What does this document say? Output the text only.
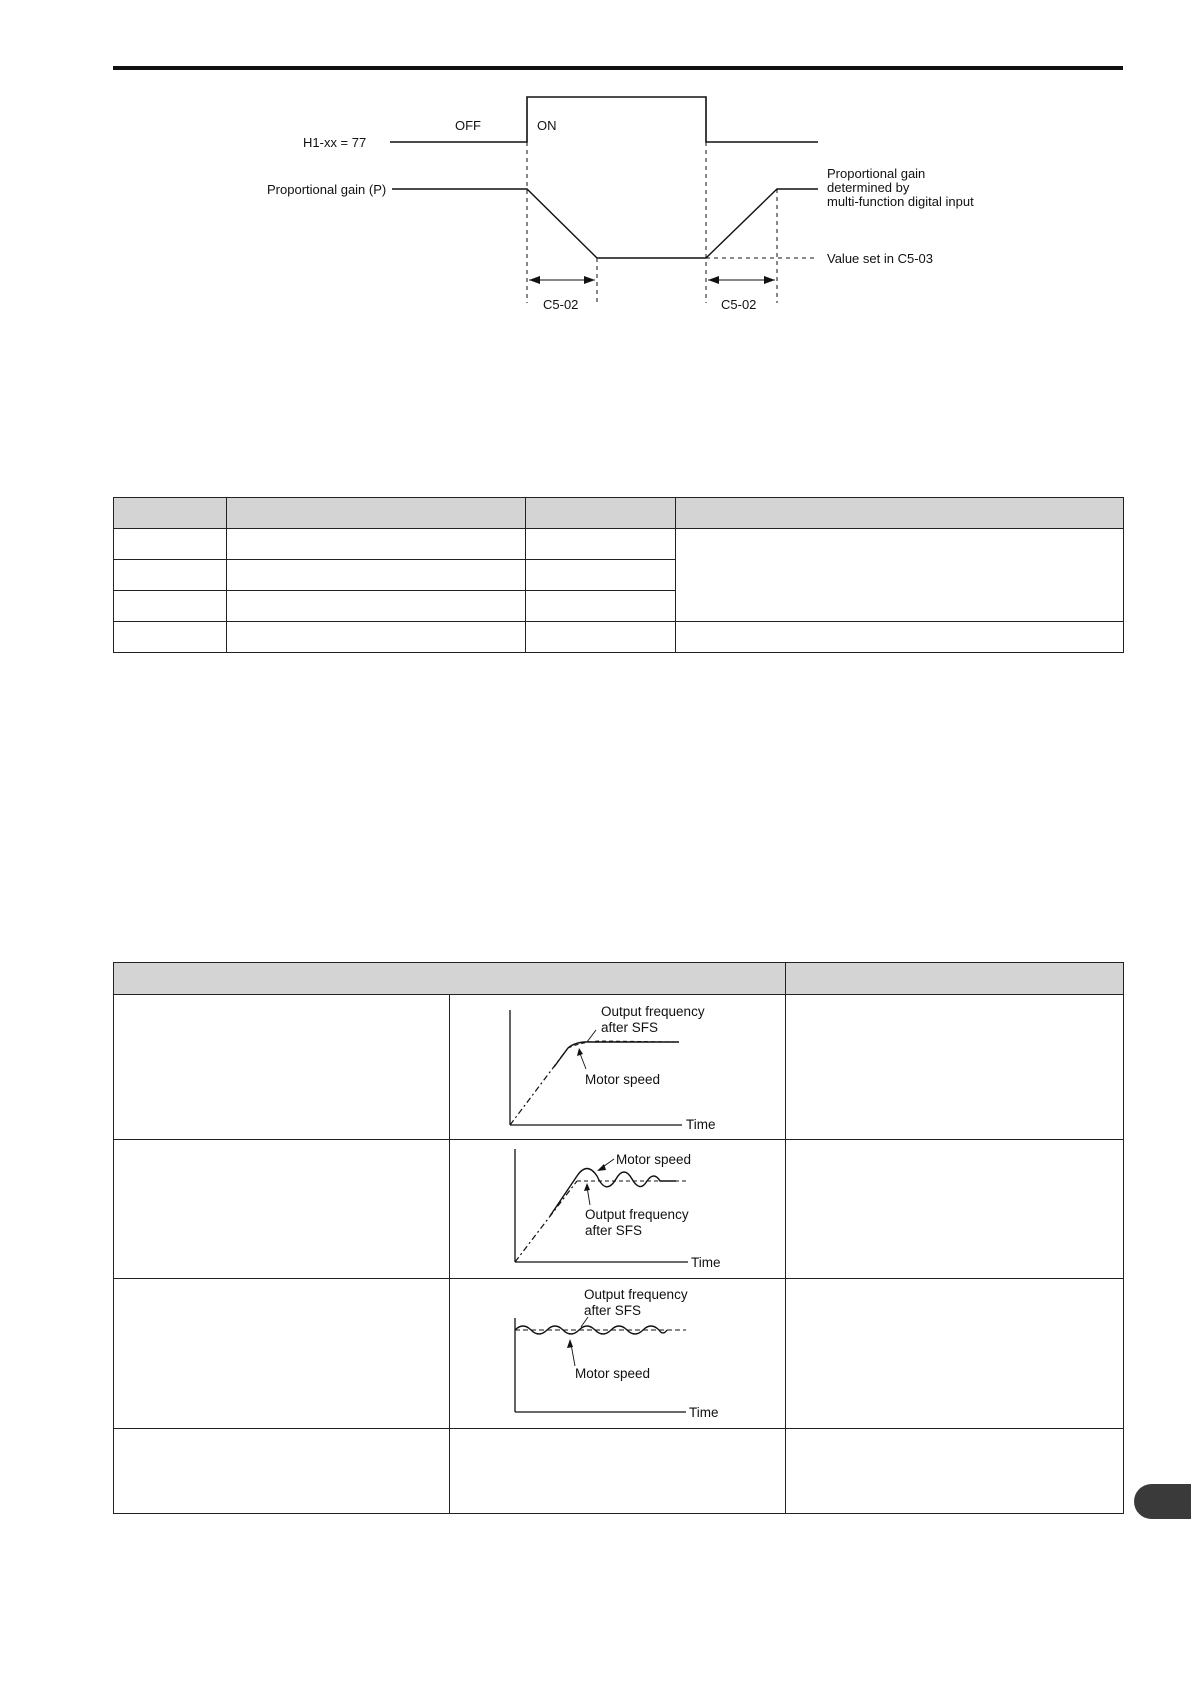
H1-xx = 77
OFF	ON
Proportional gain (P)
Proportional gain
determined by
multi-function digital input
Value set in C5-03
C5-02	C5-02

Output frequency
after SFS
Motor speed
Time	

Motor speed
Output frequency
after SFS
Time	

Output frequency
after SFS
Motor speed
Time	
